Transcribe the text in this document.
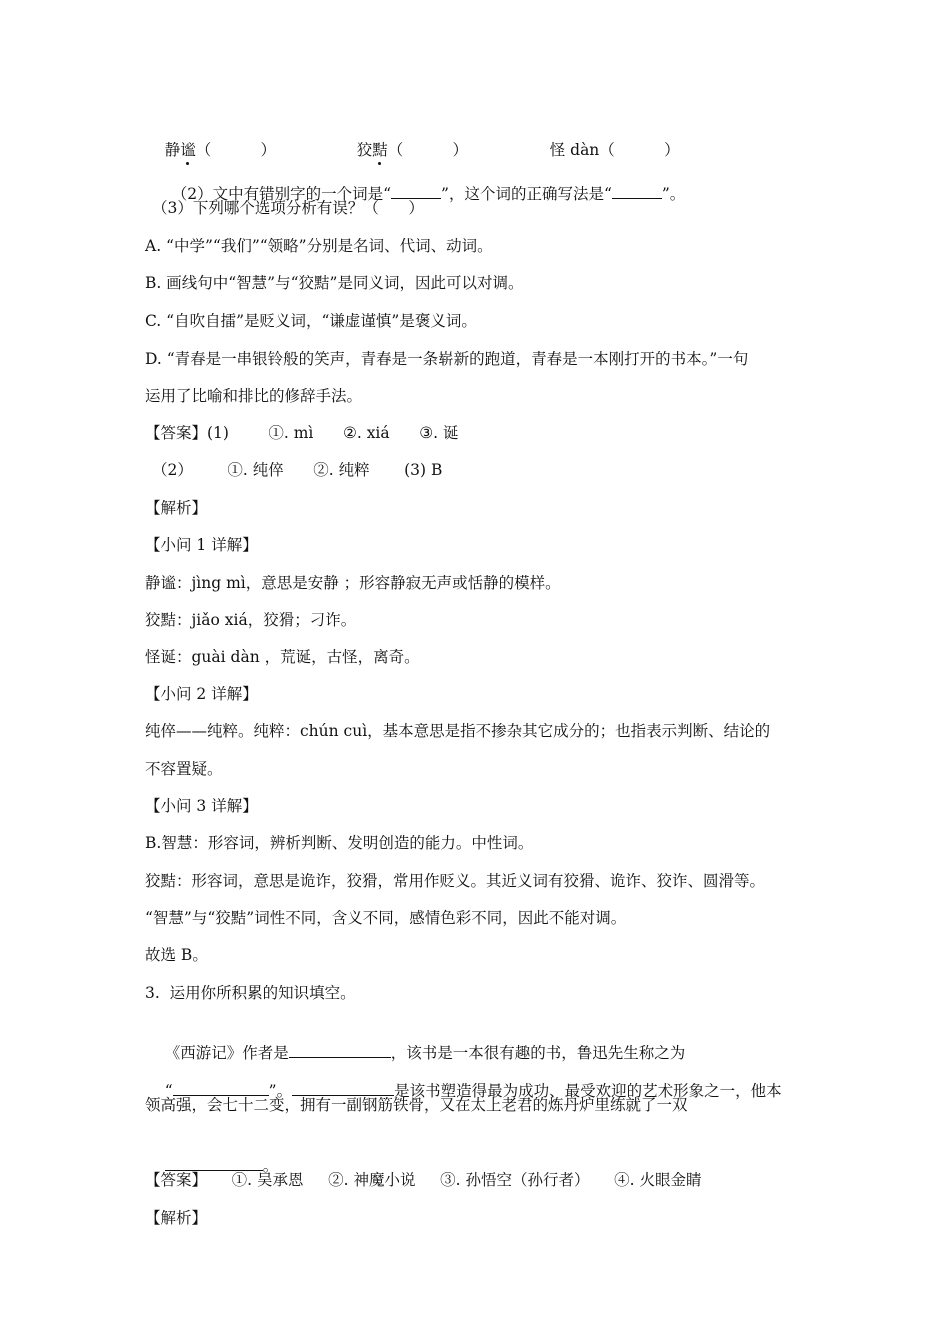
静谧（          ）
	狡黠（          ）
	怪 dàn（          ）

（2）文中有错别字的一个词是“	”，这个词的正确写法是“	”。

（3）下列哪个选项分析有误？（      ）
A. “中学”“我们”“领略”分别是名词、代词、动词。
B. 画线句中“智慧”与“狡黠”是同义词，因此可以对调。
C. “自吹自擂”是贬义词，“谦虚谨慎”是褒义词。
D. “青春是一串银铃般的笑声，青春是一条崭新的跑道，青春是一本刚打开的书本。”一句
运用了比喻和排比的修辞手法。
【答案】(1)        ①. mì      ②. xiá      ③. 诞
（2）       ①. 纯倅      ②. 纯粹       (3) B
【解析】
【小问 1 详解】
静谧：jìng mì，意思是安静 ；形容静寂无声或恬静的模样。
狡黠：jiǎo xiá，狡猾；刁诈。
怪诞：guài dàn ，荒诞，古怪，离奇。
【小问 2 详解】
纯倅——纯粹。纯粹：chún cuì，基本意思是指不掺杂其它成分的；也指表示判断、结论的
不容置疑。
【小问 3 详解】
B.智慧：形容词，辨析判断、发明创造的能力。中性词。
狡黠：形容词，意思是诡诈，狡猾，常用作贬义。其近义词有狡猾、诡诈、狡诈、圆滑等。
“智慧”与“狡黠”词性不同，含义不同，感情色彩不同，因此不能对调。
故选 B。
3.  运用你所积累的知识填空。

《西游记》作者是	，该书是一本很有趣的书，鲁迅先生称之为

“	”。	是该书塑造得最为成功、最受欢迎的艺术形象之一，他本

领高强，会七十二变，拥有一副钢筋铁骨，又在太上老君的炼丹炉里练就了一双

。

【答案】     ①. 吴承恩     ②. 神魔小说     ③. 孙悟空（孙行者）     ④. 火眼金睛
【解析】
